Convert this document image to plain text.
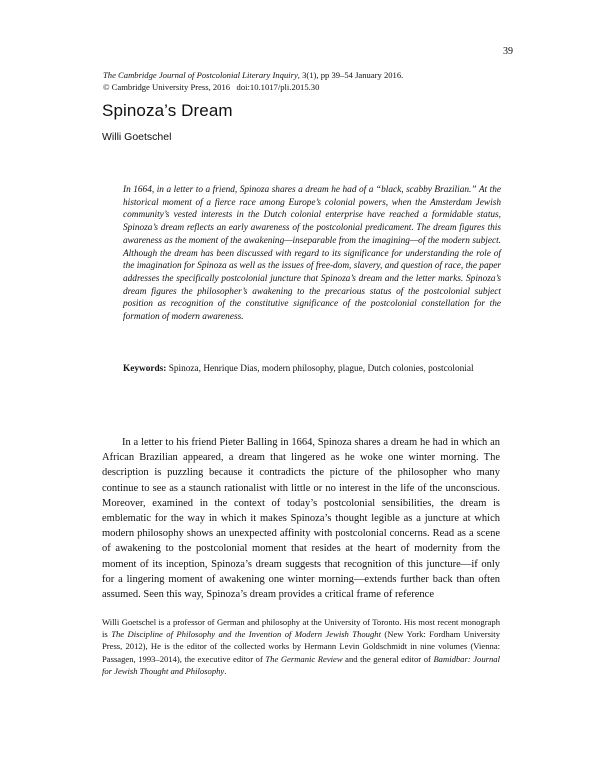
39
The Cambridge Journal of Postcolonial Literary Inquiry, 3(1), pp 39–54 January 2016.
© Cambridge University Press, 2016 doi:10.1017/pli.2015.30
Spinoza’s Dream
Willi Goetschel

In 1664, in a letter to a friend, Spinoza shares a dream he had of a “black, scabby Brazilian.” At the historical moment of a fierce race among Europe’s colonial powers, when the Amsterdam Jewish community’s vested interests in the Dutch colonial enterprise have reached a formidable status, Spinoza’s dream reflects an early awareness of the postcolonial predicament. The dream figures this awareness as the moment of the awakening—inseparable from the imagining—of the modern subject. Although the dream has been discussed with regard to its significance for understanding the role of the imagination for Spinoza as well as the issues of free-dom, slavery, and question of race, the paper addresses the specifically postcolonial juncture that Spinoza’s dream and the letter marks. Spinoza’s dream figures the philosopher’s awakening to the precarious status of the postcolonial subject position as recognition of the constitutive significance of the postcolonial constellation for the formation of modern awareness.

Keywords: Spinoza, Henrique Dias, modern philosophy, plague, Dutch colonies, postcolonial

In a letter to his friend Pieter Balling in 1664, Spinoza shares a dream he had in which an African Brazilian appeared, a dream that lingered as he woke one winter morning. The description is puzzling because it contradicts the picture of the philosopher who many continue to see as a staunch rationalist with little or no interest in the life of the unconscious. Moreover, examined in the context of today’s postcolonial sensibilities, the dream is emblematic for the way in which it makes Spinoza’s thought legible as a juncture at which modern philosophy shows an unexpected affinity with postcolonial concerns. Read as a scene of awakening to the postcolonial moment that resides at the heart of modernity from the moment of its inception, Spinoza’s dream suggests that recognition of this juncture—if only for a lingering moment of awakening one winter morning—extends further back than often assumed. Seen this way, Spinoza’s dream provides a critical frame of reference

Willi Goetschel is a professor of German and philosophy at the University of Toronto. His most recent monograph is The Discipline of Philosophy and the Invention of Modern Jewish Thought (New York: Fordham University Press, 2012), He is the editor of the collected works by Hermann Levin Goldschmidt in nine volumes (Vienna: Passagen, 1993–2014), the executive editor of The Germanic Review and the general editor of Bamidbar: Journal for Jewish Thought and Philosophy.
